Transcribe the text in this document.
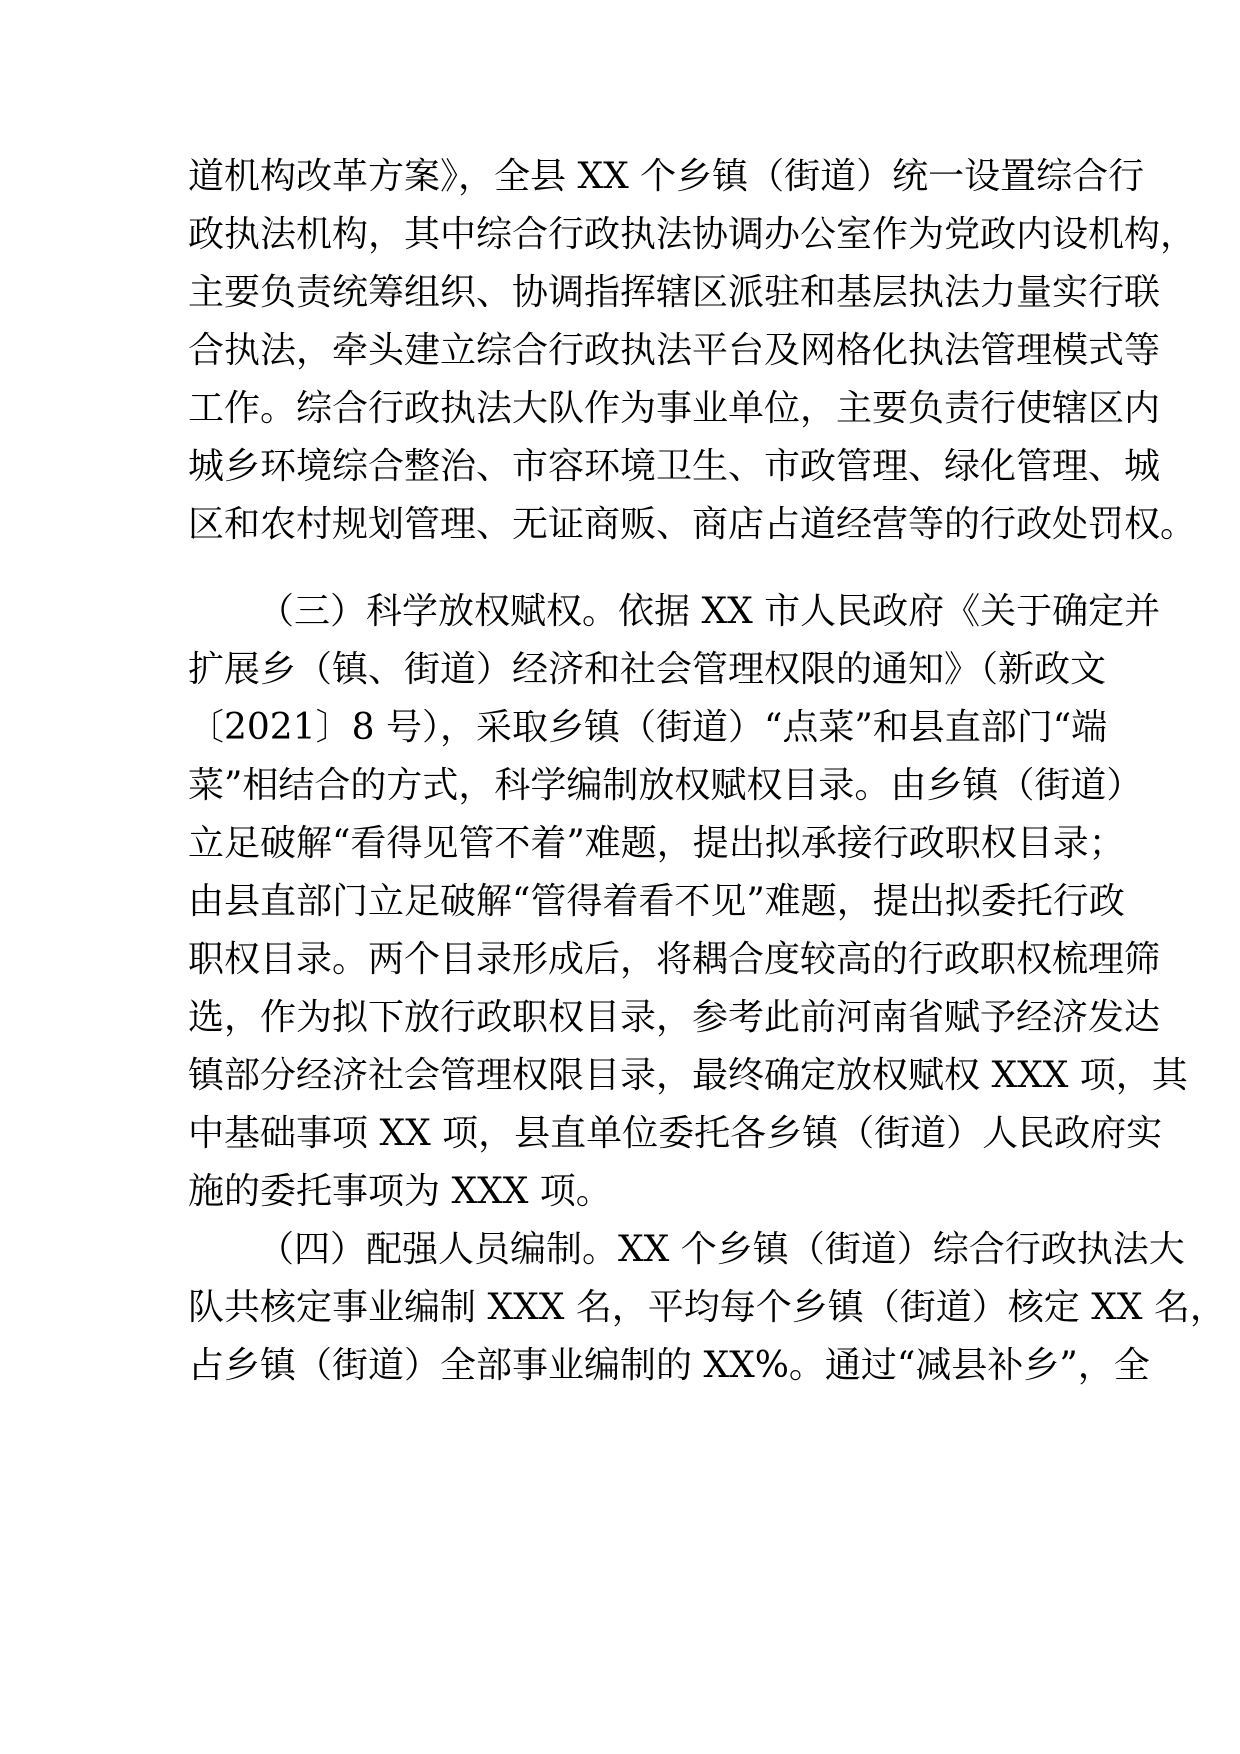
道机构改革方案》，全县 XX 个乡镇（街道）统一设置综合行
政执法机构，其中综合行政执法协调办公室作为党政内设机构，
主要负责统筹组织、协调指挥辖区派驻和基层执法力量实行联
合执法，牵头建立综合行政执法平台及网格化执法管理模式等
工作。综合行政执法大队作为事业单位，主要负责行使辖区内
城乡环境综合整治、市容环境卫生、市政管理、绿化管理、城
区和农村规划管理、无证商贩、商店占道经营等的行政处罚权。
（三）科学放权赋权。依据 XX 市人民政府《关于确定并
扩展乡（镇、街道）经济和社会管理权限的通知》（新政文
〔2021〕8 号），采取乡镇（街道）“点菜”和县直部门“端
菜”相结合的方式，科学编制放权赋权目录。由乡镇（街道）
立足破解“看得见管不着”难题，提出拟承接行政职权目录；
由县直部门立足破解“管得着看不见”难题，提出拟委托行政
职权目录。两个目录形成后，将耦合度较高的行政职权梳理筛
选，作为拟下放行政职权目录，参考此前河南省赋予经济发达
镇部分经济社会管理权限目录，最终确定放权赋权 XXX 项，其
中基础事项 XX 项，县直单位委托各乡镇（街道）人民政府实
施的委托事项为 XXX 项。
（四）配强人员编制。XX 个乡镇（街道）综合行政执法大
队共核定事业编制 XXX 名，平均每个乡镇（街道）核定 XX 名，
占乡镇（街道）全部事业编制的 XX%。通过“减县补乡”，全
